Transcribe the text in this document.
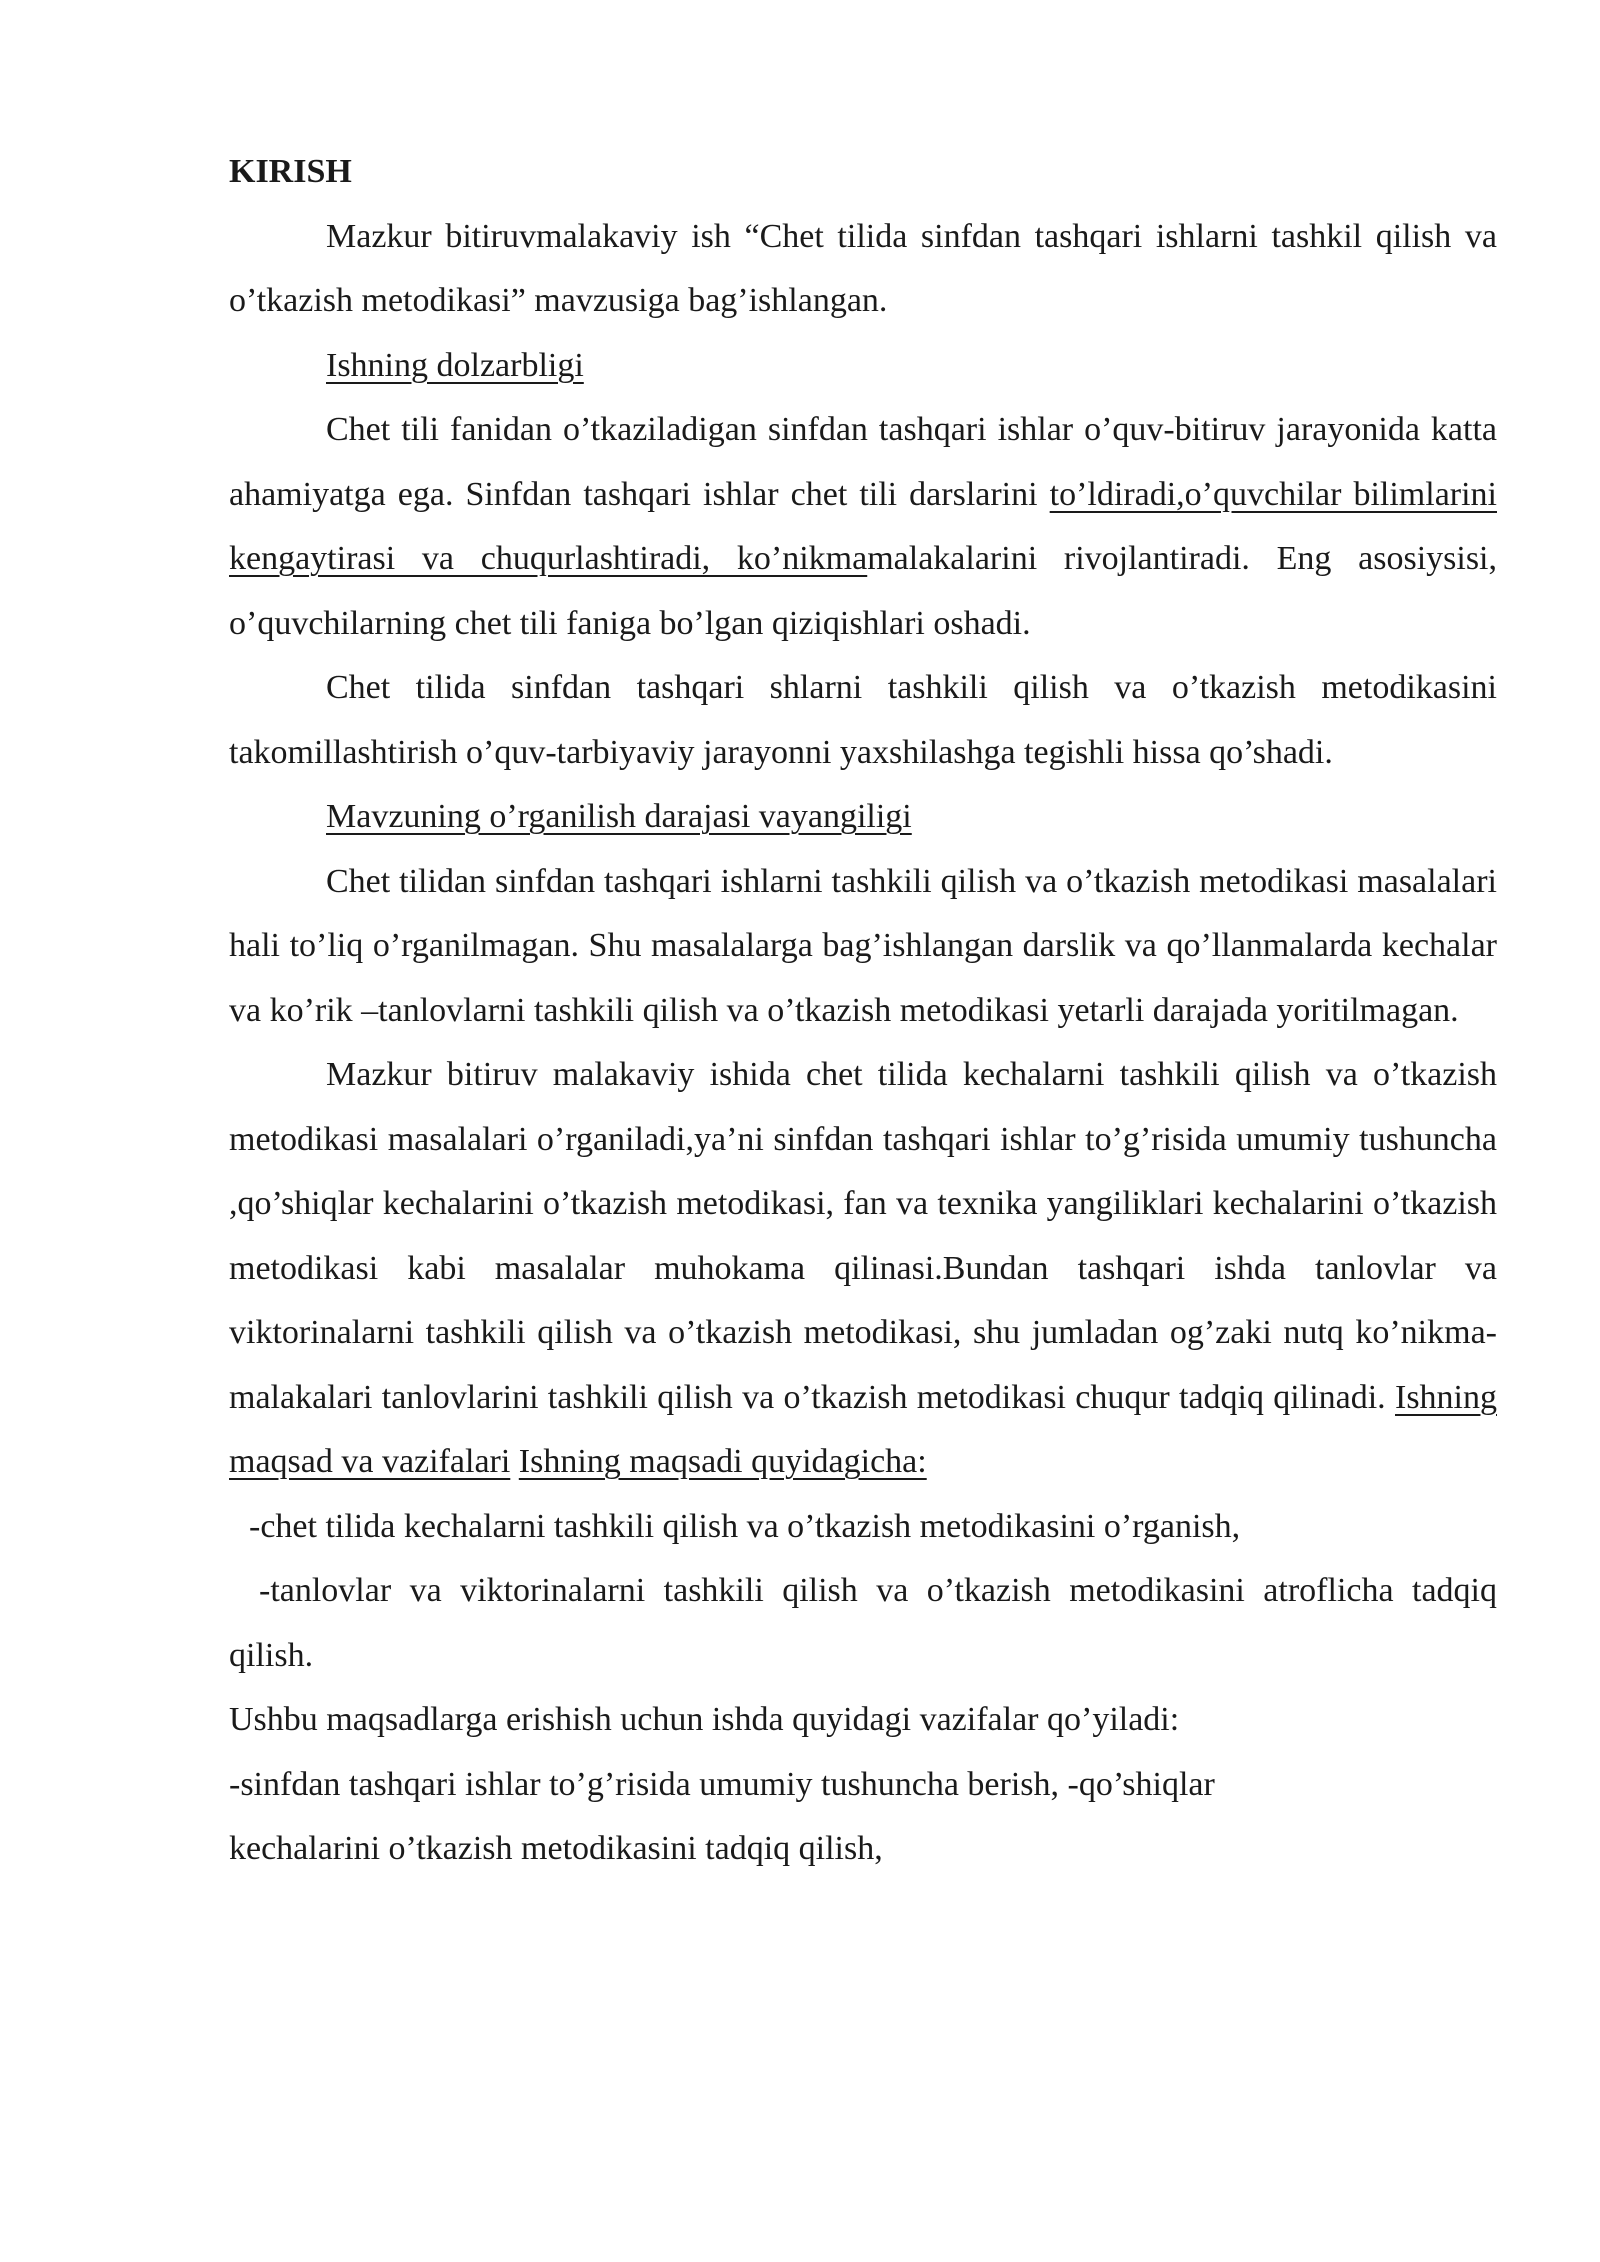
KIRISH

Mazkur bitiruvmalakaviy ish “Chet tilida sinfdan tashqari ishlarni tashkil qilish va o’tkazish metodikasi” mavzusiga bag’ishlangan.

Ishning dolzarbligi

Chet tili fanidan o’tkaziladigan sinfdan tashqari ishlar o’quv-bitiruv jarayonida katta ahamiyatga ega. Sinfdan tashqari ishlar chet tili darslarini to’ldiradi,o’quvchilar bilimlarini kengaytirasi va chuqurlashtiradi, ko’nikmamalakalarini rivojlantiradi. Eng asosiysisi, o’quvchilarning chet tili faniga bo’lgan qiziqishlari oshadi.

Chet tilida sinfdan tashqari shlarni tashkili qilish va o’tkazish metodikasini takomillashtirish o’quv-tarbiyaviy jarayonni yaxshilashga tegishli hissa qo’shadi.

Mavzuning o’rganilish darajasi vayangiligi

Chet tilidan sinfdan tashqari ishlarni tashkili qilish va o’tkazish metodikasi masalalari hali to’liq o’rganilmagan. Shu masalalarga bag’ishlangan darslik va qo’llanmalarda kechalar va ko’rik –tanlovlarni tashkili qilish va o’tkazish metodikasi yetarli darajada yoritilmagan.

Mazkur bitiruv malakaviy ishida chet tilida kechalarni tashkili qilish va o’tkazish metodikasi masalalari o’rganiladi,ya’ni sinfdan tashqari ishlar to’g’risida umumiy tushuncha ,qo’shiqlar kechalarini o’tkazish metodikasi, fan va texnika yangiliklari kechalarini o’tkazish metodikasi kabi masalalar muhokama qilinasi.Bundan tashqari ishda tanlovlar va viktorinalarni tashkili qilish va o’tkazish metodikasi, shu jumladan og’zaki nutq ko’nikma-malakalari tanlovlarini tashkili qilish va o’tkazish metodikasi chuqur tadqiq qilinadi. Ishning maqsad va vazifalari Ishning maqsadi quyidagicha:

-chet tilida kechalarni tashkili qilish va o’tkazish metodikasini o’rganish,

-tanlovlar va viktorinalarni tashkili qilish va o’tkazish metodikasini atroflicha tadqiq qilish.

Ushbu maqsadlarga erishish uchun ishda quyidagi vazifalar qo’yiladi:

-sinfdan tashqari ishlar to’g’risida umumiy tushuncha berish, -qo’shiqlar kechalarini o’tkazish metodikasini tadqiq qilish,
